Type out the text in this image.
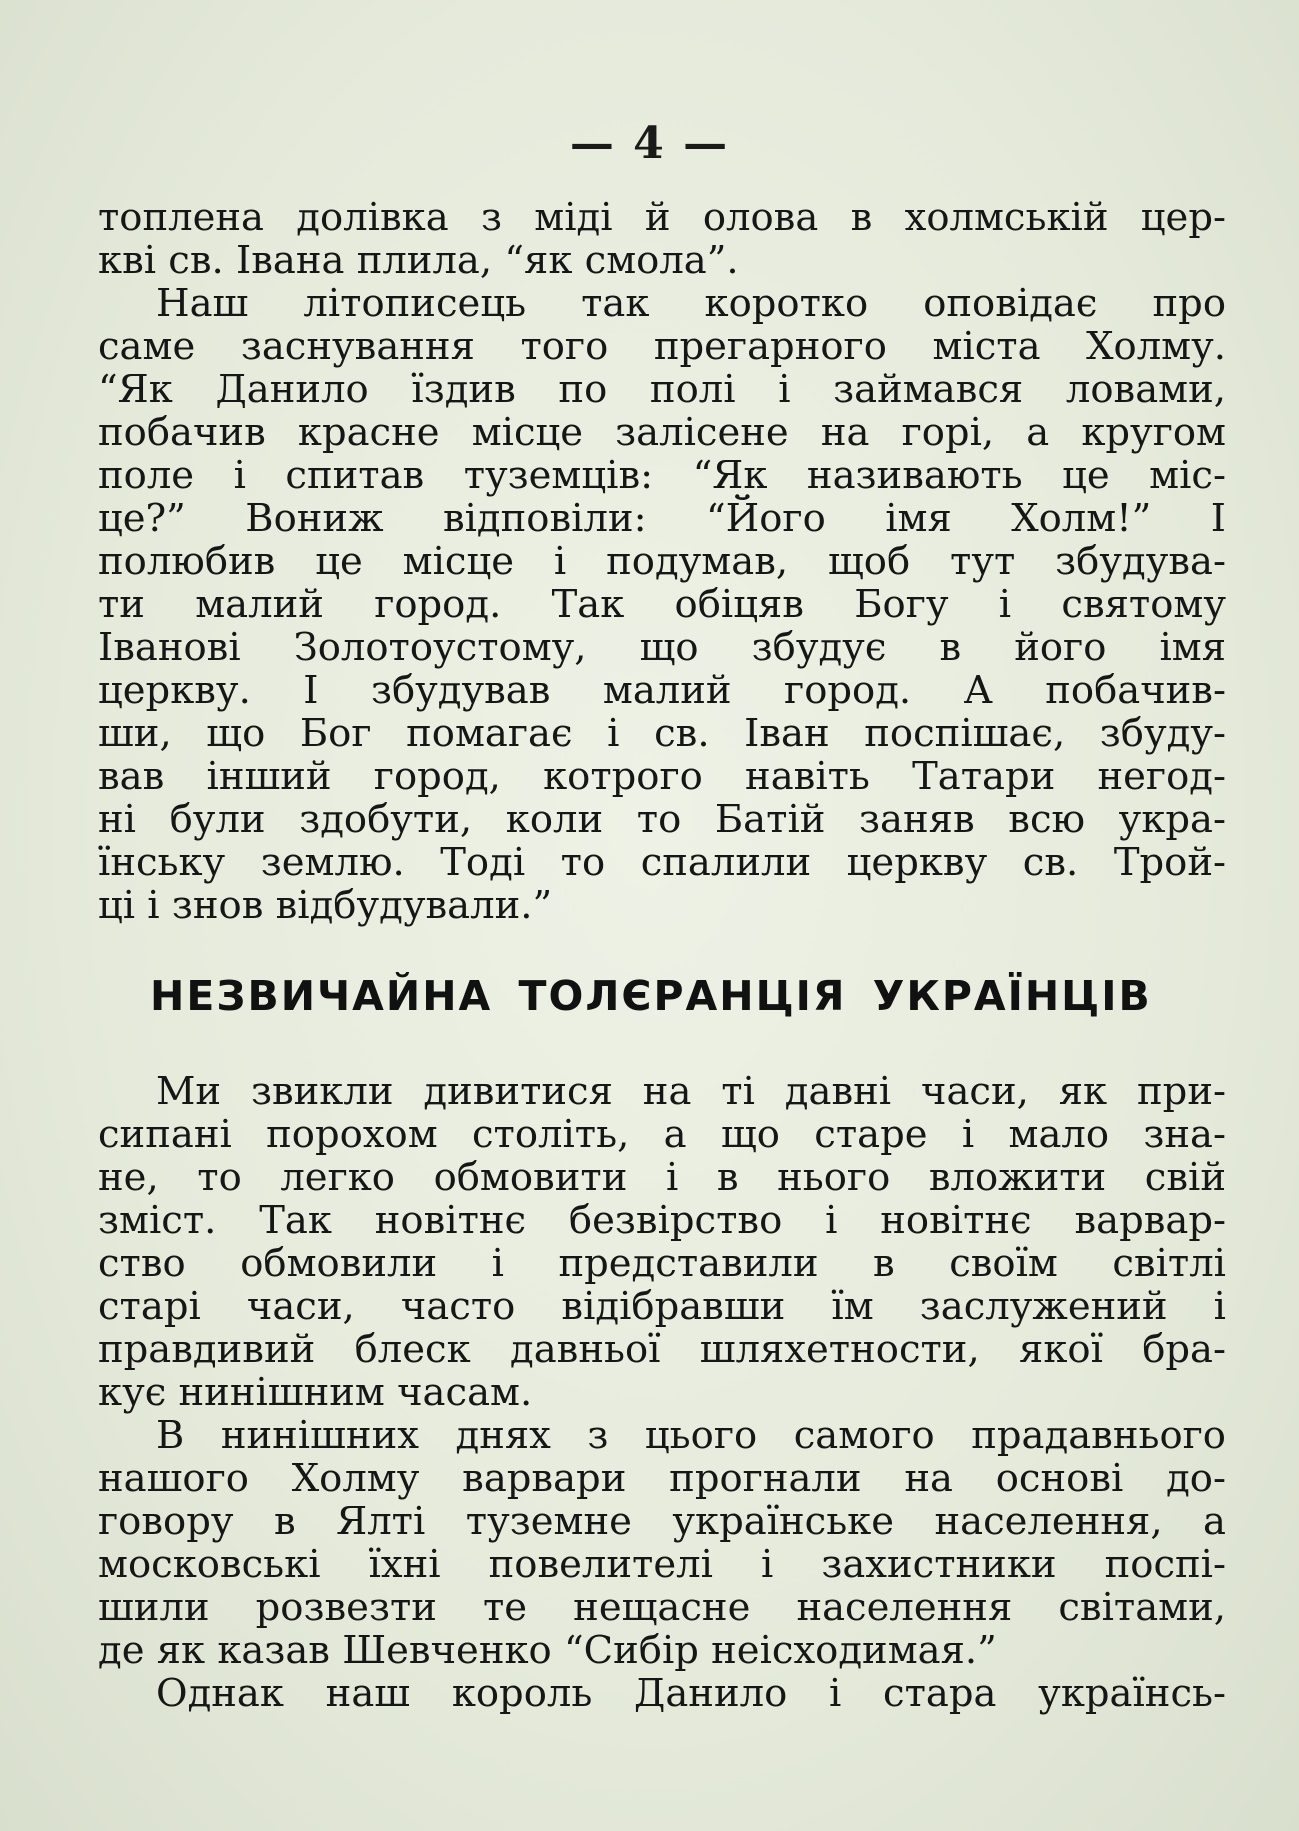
— 4 —
топлена долівка з міді й олова в холмській цер-
кві св. Івана плила, “як смола”.
Наш літописець так коротко оповідає про
саме заснування того прегарного міста Холму.
“Як Данило їздив по полі і займався ловами,
побачив красне місце залісене на горі, а кругом
поле і спитав туземців: “Як називають це міс-
це?” Вониж відповіли: “Його імя Холм!” І
полюбив це місце і подумав, щоб тут збудува-
ти малий город. Так обіцяв Богу і святому
Іванові Золотоустому, що збудує в його імя
церкву. І збудував малий город. А побачив-
ши, що Бог помагає і св. Іван поспішає, збуду-
вав інший город, котрого навіть Татари негод-
ні були здобути, коли то Батій заняв всю укра-
їнську землю. Тоді то спалили церкву св. Трой-
ці і знов відбудували.”
НЕЗВИЧАЙНА ТОЛЄРАНЦІЯ УКРАЇНЦІВ
Ми звикли дивитися на ті давні часи, як при-
сипані порохом століть, а що старе і мало зна-
не, то легко обмовити і в нього вложити свій
зміст. Так новітнє безвірство і новітнє варвар-
ство обмовили і представили в своїм світлі
старі часи, часто відібравши їм заслужений і
правдивий блеск давньої шляхетности, якої бра-
кує нинішним часам.
В нинішних днях з цього самого прадавнього
нашого Холму варвари прогнали на основі до-
говору в Ялті туземне українське населення, а
московські їхні повелителі і захистники поспі-
шили розвезти те нещасне населення світами,
де як казав Шевченко “Сибір неісходимая.”
Однак наш король Данило і стара українсь-
